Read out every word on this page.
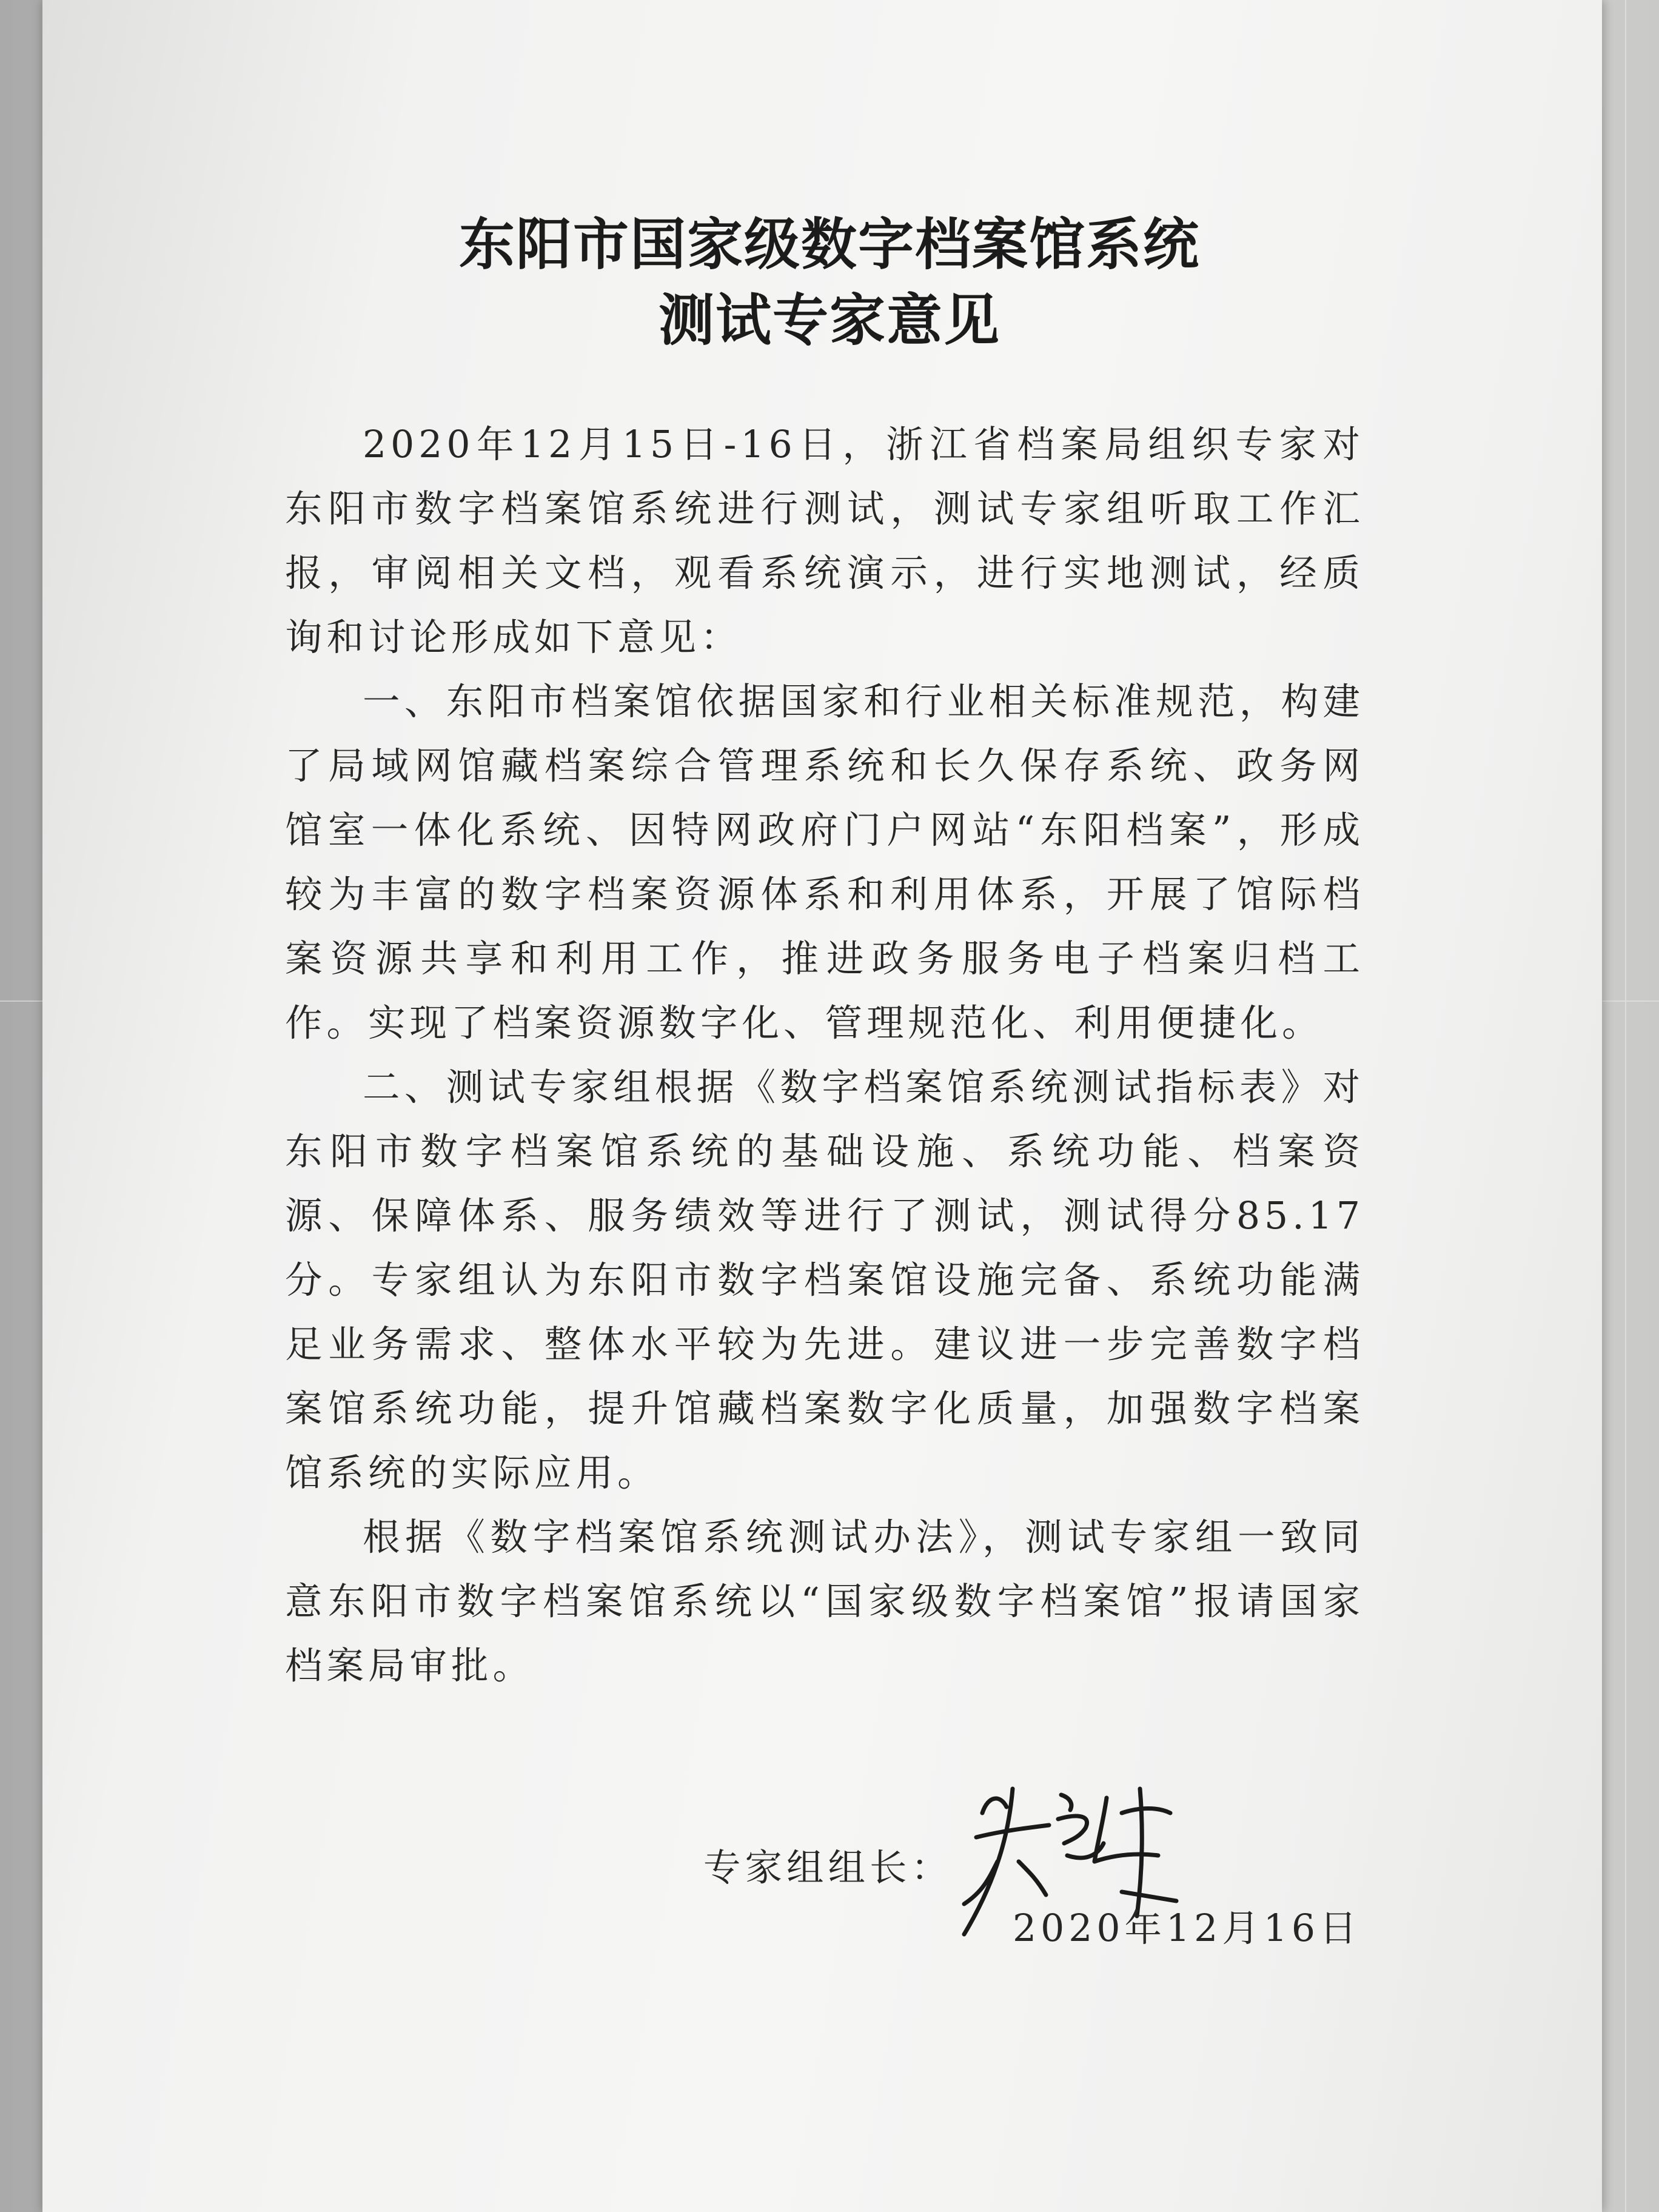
东阳市国家级数字档案馆系统
测试专家意见

2020年12月15日-16日，浙江省档案局组织专家对东阳市数字档案馆系统进行测试，测试专家组听取工作汇报，审阅相关文档，观看系统演示，进行实地测试，经质询和讨论形成如下意见：

一、东阳市档案馆依据国家和行业相关标准规范，构建了局域网馆藏档案综合管理系统和长久保存系统、政务网馆室一体化系统、因特网政府门户网站“东阳档案”，形成较为丰富的数字档案资源体系和利用体系，开展了馆际档案资源共享和利用工作，推进政务服务电子档案归档工作。实现了档案资源数字化、管理规范化、利用便捷化。

二、测试专家组根据《数字档案馆系统测试指标表》对东阳市数字档案馆系统的基础设施、系统功能、档案资源、保障体系、服务绩效等进行了测试，测试得分85.17分。专家组认为东阳市数字档案馆设施完备、系统功能满足业务需求、整体水平较为先进。建议进一步完善数字档案馆系统功能，提升馆藏档案数字化质量，加强数字档案馆系统的实际应用。

根据《数字档案馆系统测试办法》，测试专家组一致同意东阳市数字档案馆系统以“国家级数字档案馆”报请国家档案局审批。

专家组组长：
2020年12月16日
